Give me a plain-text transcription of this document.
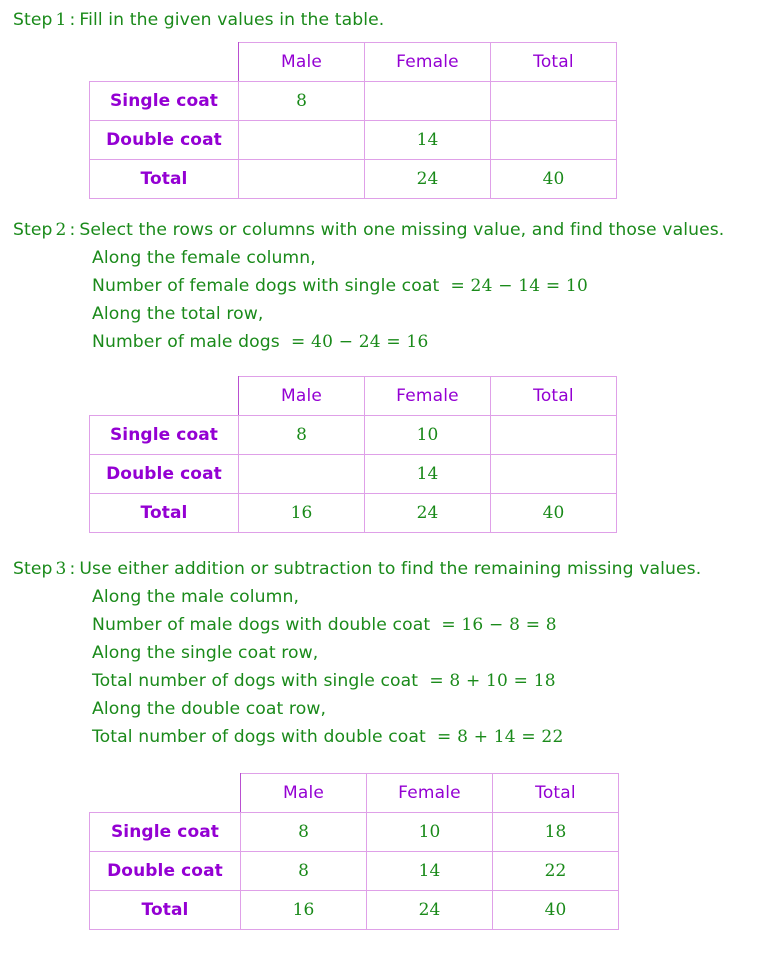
Step 1 : Fill in the given values in the table.
	Male	Female	Total
Single coat	8		
Double coat		14	
Total		24	40
Step 2 : Select the rows or columns with one missing value, and find those values.
Along the female column,
Number of female dogs with single coat  = 24 − 14 = 10
Along the total row,
Number of male dogs  = 40 − 24 = 16
	Male	Female	Total
Single coat	8	10	
Double coat		14	
Total	16	24	40
Step 3 : Use either addition or subtraction to find the remaining missing values.
Along the male column,
Number of male dogs with double coat  = 16 − 8 = 8
Along the single coat row,
Total number of dogs with single coat  = 8 + 10 = 18
Along the double coat row,
Total number of dogs with double coat  = 8 + 14 = 22
	Male	Female	Total
Single coat	8	10	18
Double coat	8	14	22
Total	16	24	40
